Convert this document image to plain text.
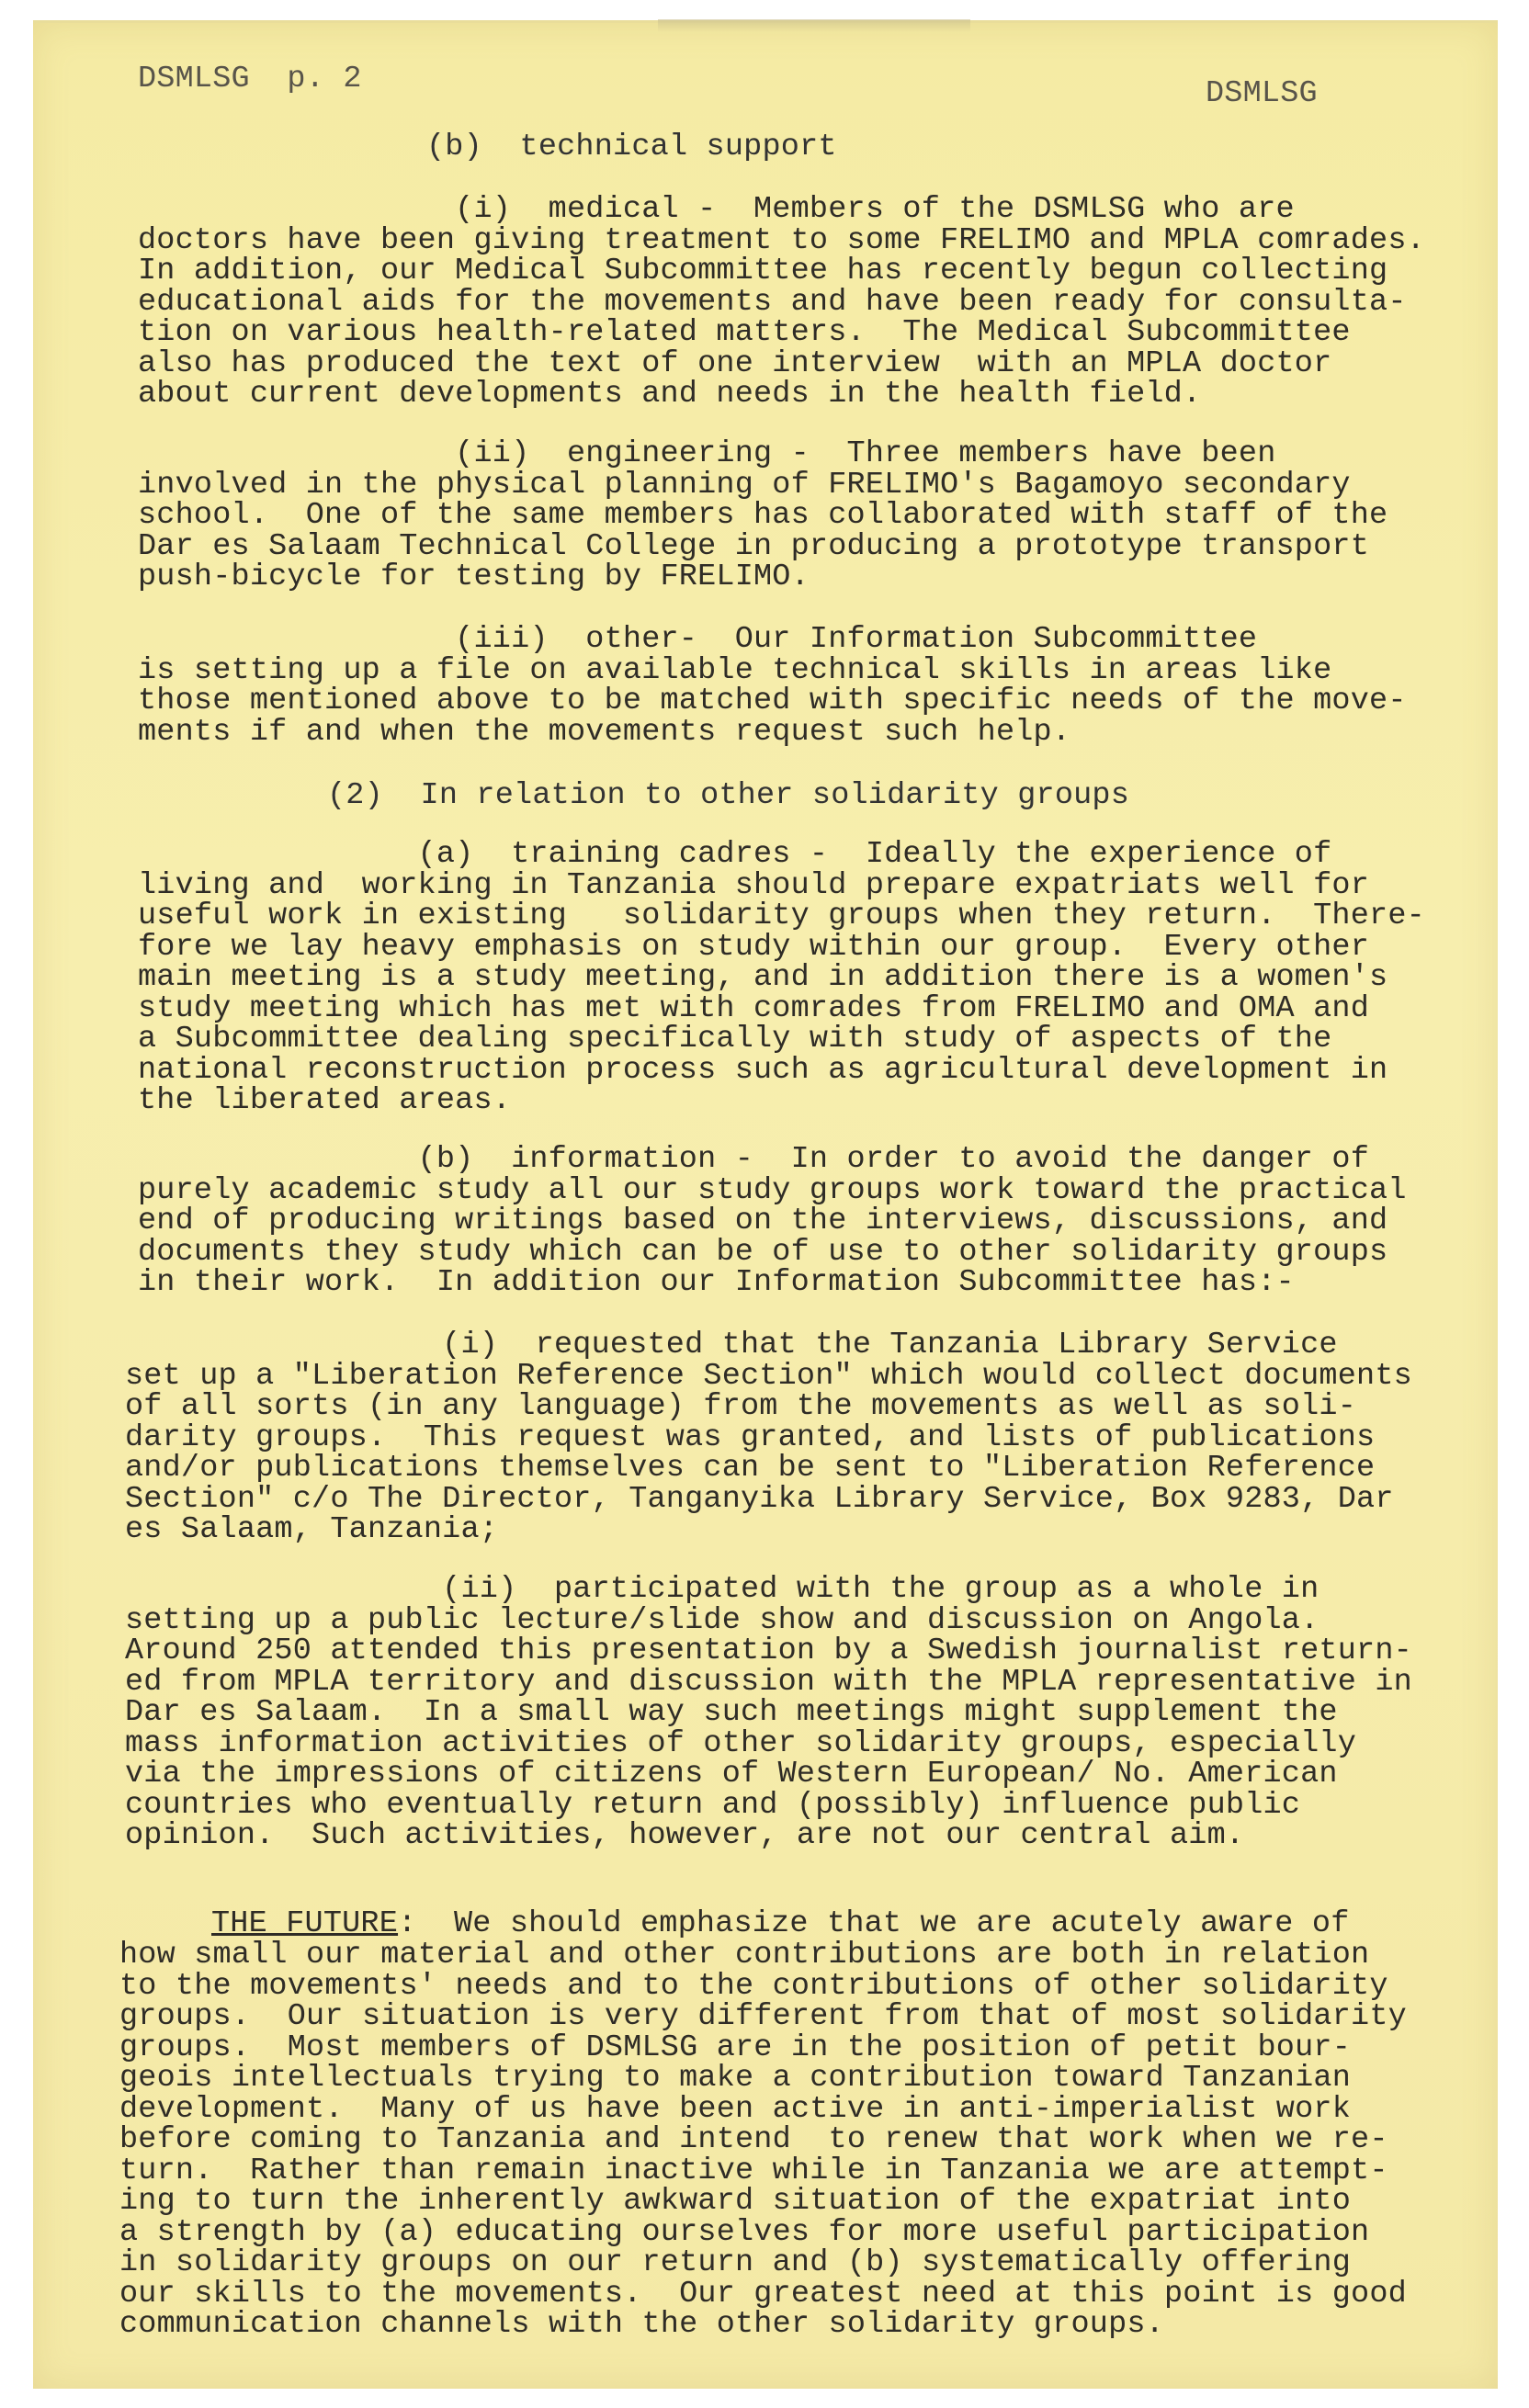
DSMLSG  p. 2	DSMLSG
(b)  technical support
(i)  medical -  Members of the DSMLSG who are
doctors have been giving treatment to some FRELIMO and MPLA comrades.
In addition, our Medical Subcommittee has recently begun collecting
educational aids for the movements and have been ready for consulta-
tion on various health-related matters.  The Medical Subcommittee
also has produced the text of one interview  with an MPLA doctor
about current developments and needs in the health field.
(ii)  engineering -  Three members have been
involved in the physical planning of FRELIMO's Bagamoyo secondary
school.  One of the same members has collaborated with staff of the
Dar es Salaam Technical College in producing a prototype transport
push-bicycle for testing by FRELIMO.
(iii)  other-  Our Information Subcommittee
is setting up a file on available technical skills in areas like
those mentioned above to be matched with specific needs of the move-
ments if and when the movements request such help.
(2)  In relation to other solidarity groups
(a)  training cadres -  Ideally the experience of
living and  working in Tanzania should prepare expatriats well for
useful work in existing   solidarity groups when they return.  There-
fore we lay heavy emphasis on study within our group.  Every other
main meeting is a study meeting, and in addition there is a women's
study meeting which has met with comrades from FRELIMO and OMA and
a Subcommittee dealing specifically with study of aspects of the
national reconstruction process such as agricultural development in
the liberated areas.
(b)  information -  In order to avoid the danger of
purely academic study all our study groups work toward the practical
end of producing writings based on the interviews, discussions, and
documents they study which can be of use to other solidarity groups
in their work.  In addition our Information Subcommittee has:-
(i)  requested that the Tanzania Library Service
set up a "Liberation Reference Section" which would collect documents
of all sorts (in any language) from the movements as well as soli-
darity groups.  This request was granted, and lists of publications
and/or publications themselves can be sent to "Liberation Reference
Section" c/o The Director, Tanganyika Library Service, Box 9283, Dar
es Salaam, Tanzania;
(ii)  participated with the group as a whole in
setting up a public lecture/slide show and discussion on Angola.
Around 250 attended this presentation by a Swedish journalist return-
ed from MPLA territory and discussion with the MPLA representative in
Dar es Salaam.  In a small way such meetings might supplement the
mass information activities of other solidarity groups, especially
via the impressions of citizens of Western European/ No. American
countries who eventually return and (possibly) influence public
opinion.  Such activities, however, are not our central aim.
THE FUTURE:  We should emphasize that we are acutely aware of
how small our material and other contributions are both in relation
to the movements' needs and to the contributions of other solidarity
groups.  Our situation is very different from that of most solidarity
groups.  Most members of DSMLSG are in the position of petit bour-
geois intellectuals trying to make a contribution toward Tanzanian
development.  Many of us have been active in anti-imperialist work
before coming to Tanzania and intend  to renew that work when we re-
turn.  Rather than remain inactive while in Tanzania we are attempt-
ing to turn the inherently awkward situation of the expatriat into
a strength by (a) educating ourselves for more useful participation
in solidarity groups on our return and (b) systematically offering
our skills to the movements.  Our greatest need at this point is good
communication channels with the other solidarity groups.
